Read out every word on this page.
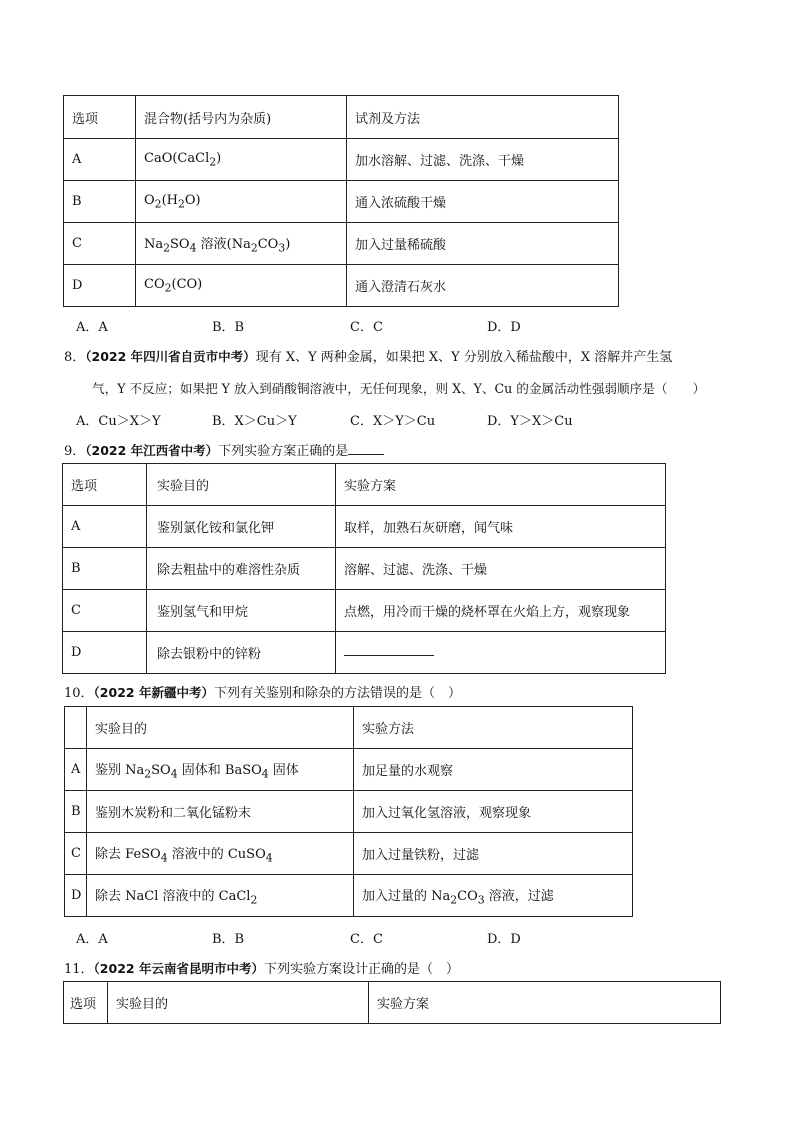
选项	混合物(括号内为杂质)	试剂及方法
A	CaO(CaCl$_2$)	加水溶解、过滤、洗涤、干燥
B	$O_2(H_2O)$	通入浓硫酸干燥
C	$Na_2SO_4$ 溶液$(Na_2CO_3)$	加入过量稀硫酸
D	$CO_2(CO)$	通入澄清石灰水
A．A	B．B	C．C	D．D
8．（2022 年四川省自贡市中考）现有 X、Y 两种金属，如果把 X、Y 分别放入稀盐酸中，X 溶解并产生氢
气，Y 不反应；如果把 Y 放入到硝酸铜溶液中，无任何现象，则 X、Y、Cu 的金属活动性强弱顺序是（　　）
A．Cu＞X＞Y	B．X＞Cu＞Y	C．X＞Y＞Cu	D．Y＞X＞Cu
9．（2022 年江西省中考）下列实验方案正确的是
选项	实验目的	实验方案
A	鉴别氯化铵和氯化钾	取样，加熟石灰研磨，闻气味
B	除去粗盐中的难溶性杂质	溶解、过滤、洗涤、干燥
C	鉴别氢气和甲烷	点燃，用冷而干燥的烧杯罩在火焰上方，观察现象
D	除去银粉中的锌粉	
10．（2022 年新疆中考）下列有关鉴别和除杂的方法错误的是（　）
	实验目的	实验方法
A	鉴别 $Na_2SO_4$ 固体和 BaSO$_4$ 固体	加足量的水观察
B	鉴别木炭粉和二氧化锰粉末	加入过氧化氢溶液，观察现象
C	除去 FeSO$_4$ 溶液中的 CuSO$_4$	加入过量铁粉，过滤
D	除去 NaCl 溶液中的 CaCl$_2$	加入过量的 $Na_2CO_3$ 溶液，过滤
A．A	B．B	C．C	D．D
11．（2022 年云南省昆明市中考）下列实验方案设计正确的是（　）
选项	实验目的	实验方案
